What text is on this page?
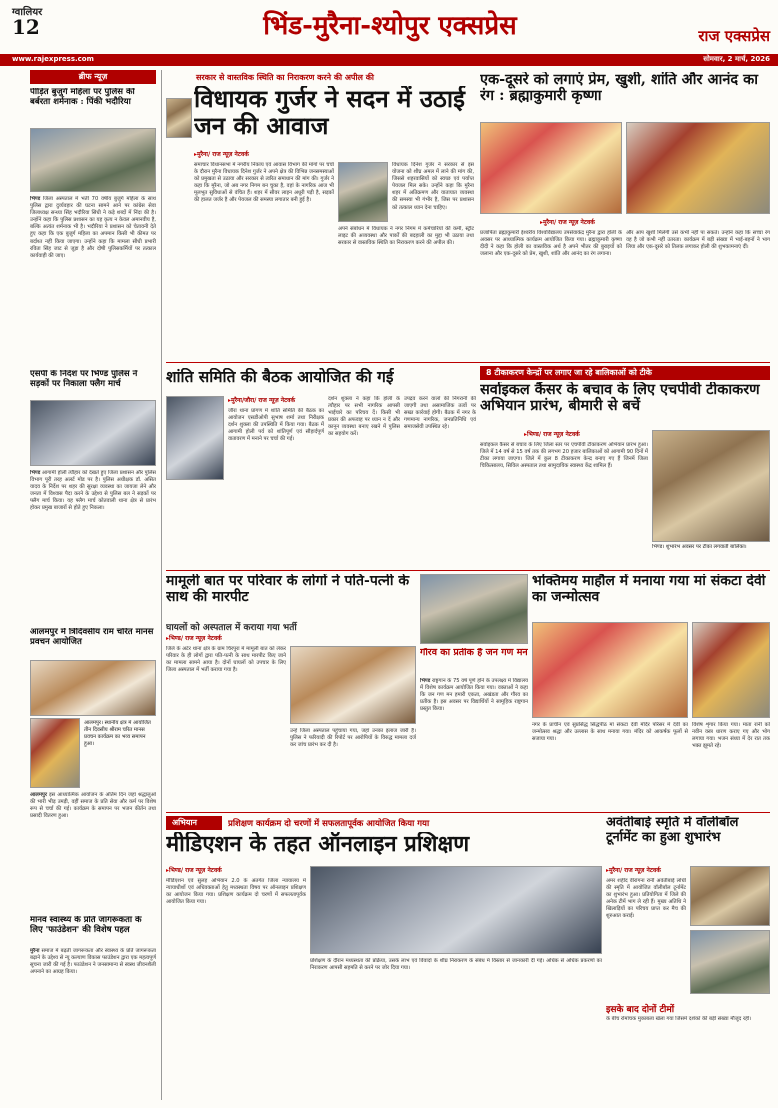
ग्वालियर
12	भिंड-मुरैना-श्योपुर एक्सप्रेस	राज एक्सप्रेस
www.rajexpress.com	सोमवार, 2 मार्च, 2026
ब्रीफ न्यूज़
पीड़ित बुजुर्ग महिला पर पुलिस की बर्बरता शर्मनाक : पिंकी भदौरिया
भिण्ड जिला अस्पताल में भर्ती 70 वर्षीय बुजुर्ग महिला के साथ पुलिस द्वारा दुर्व्यवहार की घटना सामने आने पर कांग्रेस सेवा जिलाध्यक्ष सन्ध्या सिंह भदौरिया सिंधी ने कड़े शब्दों में निंदा की है। उन्होंने कहा कि पुलिस प्रशासन का यह कृत्य न केवल अमानवीय है, बल्कि अत्यंत शर्मनाक भी है। भदौरिया ने प्रशासन को चेतावनी देते हुए कहा कि एक बुजुर्ग महिला का अपमान किसी भी कीमत पर बर्दाश्त नहीं किया जाएगा। उन्होंने कहा कि मामला सीधी प्रभारी रविता सिंह जाट से जुड़ा है और दोषी पुलिसकर्मियों पर तत्काल कार्यवाही की जाए।
एसपी के निर्देश पर भिण्ड पुलिस ने सड़कों पर निकाला फ्लैग मार्च
भिण्ड आगामी होली त्यौहार को देखते हुए जिला प्रशासन और पुलिस विभाग पूरी तरह अलर्ट मोड पर है। पुलिस अधीक्षक डॉ. असित यादव के निर्देश पर शहर की सुरक्षा व्यवस्था का जायजा लेने और जनता में विश्वास पैदा करने के उद्देश्य से पुलिस बल ने सड़कों पर फ्लैग मार्च किया। यह फ्लैग मार्च कोतवाली थाना क्षेत्र से प्रारंभ होकर प्रमुख बाजारों से होते हुए निकला।
आलमपुर में त्रिदिवसीय राम चरित मानस प्रवचन आयोजित
आलमपुर। स्थानीय क्षेत्र में आयोजित तीन दिवसीय श्रीराम चरित मानस प्रवचन कार्यक्रम का भव्य समापन हुआ।
आलमपुर इस आध्यात्मिक आयोजन के अंतिम दिन जहां श्रद्धालुओं की भारी भीड़ उमड़ी, वहीं समाज के प्रति सेवा और कर्म पर विशेष रूप से चर्चा की गई। कार्यक्रम के समापन पर भजन कीर्तन तथा प्रसादी वितरण हुआ।
मानव स्वास्थ्य के प्रति जागरूकता के लिए 'फाउंडेशन' की विशेष पहल
मुरैना समाज में बढ़ती जागरूकता और स्वास्थ्य के प्रति जागरूकता बढ़ाने के उद्देश्य से न्यू कल्याण विकास फाउंडेशन द्वारा एक महत्वपूर्ण सूचना जारी की गई है। फाउंडेशन ने जनसामान्य से स्वस्थ जीवनशैली अपनाने का आग्रह किया।
सरकार से वास्तविक स्थिति का निराकरण करने की अपील की
विधायक गुर्जर ने सदन में उठाई जन की आवाज
▸ मुरैना/ राज न्यूज़ नेटवर्क
समाचार विधानसभा में नगरीय निकाय एवं आवास विभाग की मांगों पर चर्चा के दौरान मुरैना विधायक दिनेश गुर्जर ने अपने क्षेत्र की विभिन्न जनसमस्याओं को प्रमुखता से उठाया और सरकार से त्वरित समाधान की मांग की। गुर्जर ने कहा कि मुरैना, जो अब नगर निगम बन चुका है, वहां के नागरिक आज भी मूलभूत सुविधाओं से वंचित हैं। शहर में सीवर लाइन अधूरी पड़ी है, सड़कों की हालत जर्जर है और पेयजल की समस्या लगातार बनी हुई है।
विधायक दिनेश गुर्जर ने सरकार से इस योजना को शीघ्र अमल में लाने की मांग की, जिससे शहरवासियों को स्वच्छ एवं पर्याप्त पेयजल मिल सके। उन्होंने कहा कि मुरैना शहर में अतिक्रमण और यातायात व्यवस्था की समस्या भी गंभीर है, जिस पर प्रशासन को तत्काल ध्यान देना चाहिए।
अपने संबोधन में विधायक ने नगर निगम में कर्मचारियों की कमी, स्ट्रीट लाइट की अव्यवस्था और पार्कों की बदहाली का मुद्दा भी उठाया तथा सरकार से वास्तविक स्थिति का निराकरण करने की अपील की।
एक-दूसरे को लगाएं प्रेम, खुशी, शांति और आनंद का रंग : ब्रह्माकुमारी कृष्णा
▸ मुरैना/ राज न्यूज़ नेटवर्क
प्रजापिता ब्रह्माकुमारी ईश्वरीय विश्वविद्यालय उपसेवाकेंद्र मुरैना द्वारा होली के अवसर पर आध्यात्मिक कार्यक्रम आयोजित किया गया। ब्रह्माकुमारी कृष्णा दीदी ने कहा कि होली का वास्तविक अर्थ है अपने भीतर की बुराइयों को जलाना और एक-दूसरे को प्रेम, खुशी, शांति और आनंद का रंग लगाना।
और आप खुशी मिलेगी उसे कभी नहीं पा सकते। उन्होंने कहा कि सच्चा रंग वह है जो कभी नहीं उतरता। कार्यक्रम में बड़ी संख्या में भाई-बहनों ने भाग लिया और एक-दूसरे को तिलक लगाकर होली की शुभकामनाएं दीं।
शांति समिति की बैठक आयोजित की गई
▸ मुरैना/जौरा/ राज न्यूज़ नेटवर्क
जौरा थाना प्रांगण में शांति समिति की बैठक का आयोजन एसडीओपी सुभाष शर्मा तथा निरीक्षक दर्शन शुक्ला की उपस्थिति में किया गया। बैठक में आगामी होली पर्व को शांतिपूर्ण एवं सौहार्दपूर्ण वातावरण में मनाने पर चर्चा की गई।
दर्शन शुक्ला ने कहा कि होली के त्यौहार पर सभी नागरिक आपसी भाईचारे का परिचय दें। किसी भी प्रकार की अफवाह पर ध्यान न दें और कानून व्यवस्था बनाए रखने में पुलिस का सहयोग करें।
उपद्रव करने वालों की निगरानी की जाएगी तथा असामाजिक तत्वों पर सख्त कार्रवाई होगी। बैठक में नगर के गणमान्य नागरिक, जनप्रतिनिधि एवं समाजसेवी उपस्थित रहे।
8 टीकाकरण केन्द्रों पर लगाए जा रहे बालिकाओं को टीके
सर्वाइकल कैंसर के बचाव के लिए एचपीवी टीकाकरण अभियान प्रारंभ, बीमारी से बचें
▸ भिण्ड/ राज न्यूज़ नेटवर्क
सर्वाइकल कैंसर से बचाव के लिए जिला स्तर पर एचपीवी टीकाकरण अभियान प्रारंभ हुआ। जिले में 14 वर्ष से 15 वर्ष तक की लगभग 20 हजार बालिकाओं को आगामी 90 दिनों में टीका लगाया जाएगा। जिले में कुल 8 टीकाकरण केन्द्र बनाए गए हैं जिनमें जिला चिकित्सालय, सिविल अस्पताल तथा सामुदायिक स्वास्थ्य केंद्र शामिल हैं।
भिण्ड। शुभारंभ अवसर पर टीका लगवाती बालिका।
मामूली बात पर परिवार के लोगों ने पति-पत्नी के साथ की मारपीट
घायलों को अस्पताल में कराया गया भर्ती
▸ भिण्ड/ राज न्यूज़ नेटवर्क
जिले के अटेर थाना क्षेत्र के ग्राम चिरपुरा में मामूली बात को लेकर परिवार के ही लोगों द्वारा पति-पत्नी के साथ मारपीट किए जाने का मामला सामने आया है। दोनों घायलों को उपचार के लिए जिला अस्पताल में भर्ती कराया गया है।
उन्हें जिला अस्पताल पहुंचाया गया, जहां उनका इलाज जारी है। पुलिस ने फरियादी की रिपोर्ट पर आरोपियों के विरुद्ध मामला दर्ज कर जांच प्रारंभ कर दी है।
गौरव का प्रतीक है जन गण मन
भिण्ड राष्ट्रगान के 75 वर्ष पूर्ण होने के उपलक्ष्य में विद्यालय में विशेष कार्यक्रम आयोजित किया गया। वक्ताओं ने कहा कि जन गण मन हमारी एकता, अखंडता और गौरव का प्रतीक है। इस अवसर पर विद्यार्थियों ने सामूहिक राष्ट्रगान प्रस्तुत किया।
भक्तिमय माहौल में मनाया गया मां संकटा देवी का जन्मोत्सव
नगर के प्राचीन एवं सुप्रसिद्ध सिद्धपीठ मां संकटा देवी मंदिर परिसर में देवी का जन्मोत्सव श्रद्धा और उल्लास के साथ मनाया गया। मंदिर को आकर्षक फूलों से सजाया गया।
विशेष शृंगार किया गया। माता रानी को नवीन वस्त्र धारण कराए गए और भोग लगाया गया। भजन संध्या में देर रात तक भक्त झूमते रहे।
अभियान	प्रशिक्षण कार्यक्रम दो चरणों में सफलतापूर्वक आयोजित किया गया
मीडिएशन के तहत ऑनलाइन प्रशिक्षण
▸ भिण्ड/ राज न्यूज़ नेटवर्क
मीडिएशन एवं सुलह अभियान 2.0 के अंतर्गत जिला न्यायालय में न्यायाधीशों एवं अधिवक्ताओं हेतु मध्यस्थता विषय पर ऑनलाइन प्रशिक्षण का आयोजन किया गया। प्रशिक्षण कार्यक्रम दो चरणों में सफलतापूर्वक आयोजित किया गया।
प्रशिक्षण के दौरान मध्यस्थता की प्रक्रिया, उसके लाभ एवं विवादों के शीघ्र निराकरण के संबंध में विस्तार से जानकारी दी गई। अधिक से अधिक प्रकरणों का निराकरण आपसी सहमति से करने पर जोर दिया गया।
अवंतीबाई स्मृति में वॉलीबॉल टूर्नामेंट का हुआ शुभारंभ
▸ मुरैना/ राज न्यूज़ नेटवर्क
अमर शहीद वीरांगना रानी अवंतीबाई लोधी की स्मृति में आयोजित वॉलीबॉल टूर्नामेंट का शुभारंभ हुआ। प्रतियोगिता में जिले की अनेक टीमें भाग ले रही हैं। मुख्य अतिथि ने खिलाड़ियों का परिचय प्राप्त कर मैच की शुरुआत कराई।
इसके बाद दोनों टीमों
के बीच रोमांचक मुकाबला खेला गया जिसमें दर्शकों की बड़ी संख्या मौजूद रही।
